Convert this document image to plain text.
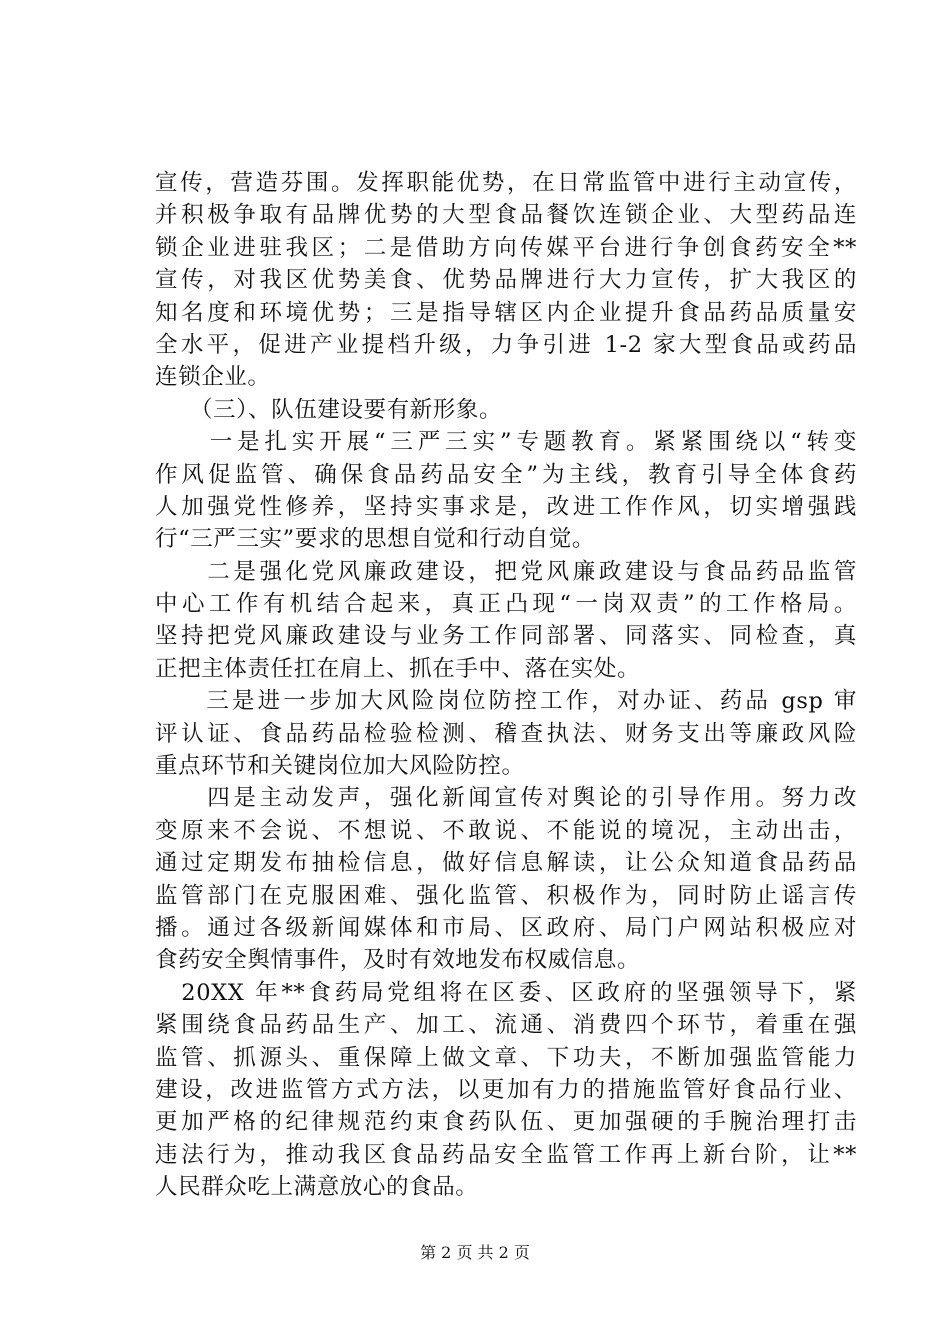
宣传，营造芬围。发挥职能优势，在日常监管中进行主动宣传，
并积极争取有品牌优势的大型食品餐饮连锁企业、大型药品连
锁企业进驻我区；二是借助方向传媒平台进行争创食药安全**
宣传，对我区优势美食、优势品牌进行大力宣传，扩大我区的
知名度和环境优势；三是指导辖区内企业提升食品药品质量安
全水平，促进产业提档升级，力争引进 1-2 家大型食品或药品
连锁企业。
　　（三）、队伍建设要有新形象。
　　一是扎实开展“三严三实”专题教育。紧紧围绕以“转变
作风促监管、确保食品药品安全”为主线，教育引导全体食药
人加强党性修养，坚持实事求是，改进工作作风，切实增强践
行“三严三实”要求的思想自觉和行动自觉。
　　二是强化党风廉政建设，把党风廉政建设与食品药品监管
中心工作有机结合起来，真正凸现“一岗双责”的工作格局。
坚持把党风廉政建设与业务工作同部署、同落实、同检查，真
正把主体责任扛在肩上、抓在手中、落在实处。
　　三是进一步加大风险岗位防控工作，对办证、药品 gsp 审
评认证、食品药品检验检测、稽查执法、财务支出等廉政风险
重点环节和关键岗位加大风险防控。
　　四是主动发声，强化新闻宣传对舆论的引导作用。努力改
变原来不会说、不想说、不敢说、不能说的境况，主动出击，
通过定期发布抽检信息，做好信息解读，让公众知道食品药品
监管部门在克服困难、强化监管、积极作为，同时防止谣言传
播。通过各级新闻媒体和市局、区政府、局门户网站积极应对
食药安全舆情事件，及时有效地发布权威信息。
　20XX 年**食药局党组将在区委、区政府的坚强领导下，紧
紧围绕食品药品生产、加工、流通、消费四个环节，着重在强
监管、抓源头、重保障上做文章、下功夫，不断加强监管能力
建设，改进监管方式方法，以更加有力的措施监管好食品行业、
更加严格的纪律规范约束食药队伍、更加强硬的手腕治理打击
违法行为，推动我区食品药品安全监管工作再上新台阶，让**
人民群众吃上满意放心的食品。
第 2 页 共 2 页
